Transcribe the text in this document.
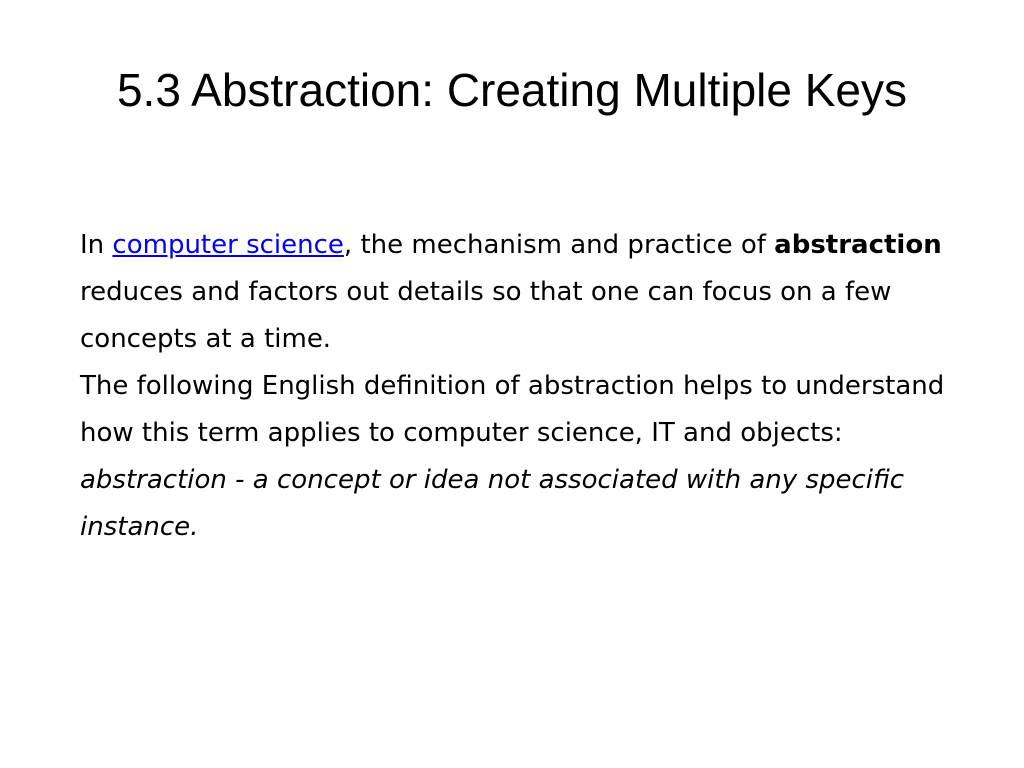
5.3 Abstraction: Creating Multiple Keys

In computer science, the mechanism and practice of abstraction reduces and factors out details so that one can focus on a few concepts at a time.

The following English definition of abstraction helps to understand how this term applies to computer science, IT and objects:

abstraction - a concept or idea not associated with any specific instance.
